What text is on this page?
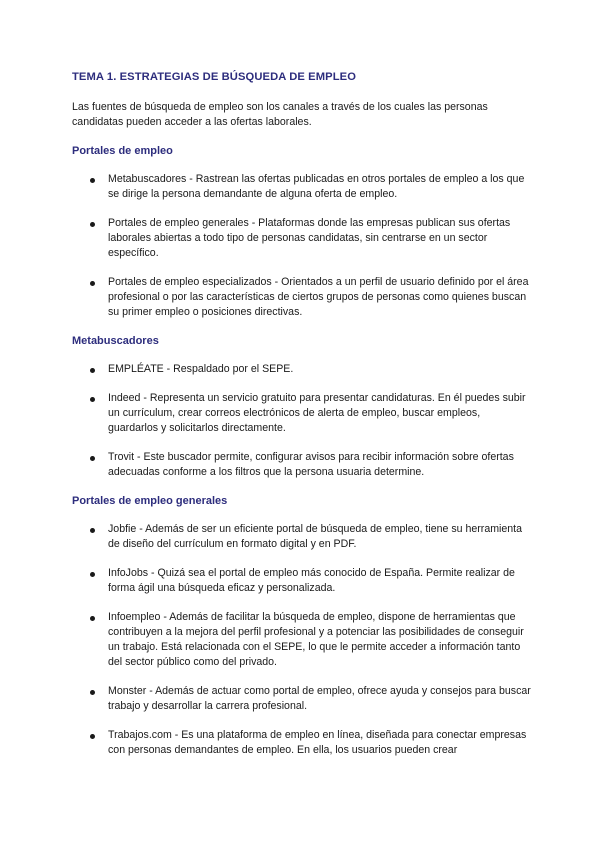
TEMA 1. ESTRATEGIAS DE BÚSQUEDA DE EMPLEO
Las fuentes de búsqueda de empleo son los canales a través de los cuales las personas candidatas pueden acceder a las ofertas laborales.
Portales de empleo
Metabuscadores - Rastrean las ofertas publicadas en otros portales de empleo a los que se dirige la persona demandante de alguna oferta de empleo.
Portales de empleo generales - Plataformas donde las empresas publican sus ofertas laborales abiertas a todo tipo de personas candidatas, sin centrarse en un sector específico.
Portales de empleo especializados - Orientados a un perfil de usuario definido por el área profesional o por las características de ciertos grupos de personas como quienes buscan su primer empleo o posiciones directivas.
Metabuscadores
EMPLÉATE - Respaldado por el SEPE.
Indeed - Representa un servicio gratuito para presentar candidaturas. En él puedes subir un currículum, crear correos electrónicos de alerta de empleo, buscar empleos, guardarlos y solicitarlos directamente.
Trovit - Este buscador permite, configurar avisos para recibir información sobre ofertas adecuadas conforme a los filtros que la persona usuaria determine.
Portales de empleo generales
Jobfie - Además de ser un eficiente portal de búsqueda de empleo, tiene su herramienta de diseño del currículum en formato digital y en PDF.
InfoJobs - Quizá sea el portal de empleo más conocido de España. Permite realizar de forma ágil una búsqueda eficaz y personalizada.
Infoempleo - Además de facilitar la búsqueda de empleo, dispone de herramientas que contribuyen a la mejora del perfil profesional y a potenciar las posibilidades de conseguir un trabajo. Está relacionada con el SEPE, lo que le permite acceder a información tanto del sector público como del privado.
Monster - Además de actuar como portal de empleo, ofrece ayuda y consejos para buscar trabajo y desarrollar la carrera profesional.
Trabajos.com - Es una plataforma de empleo en línea, diseñada para conectar empresas con personas demandantes de empleo. En ella, los usuarios pueden crear
